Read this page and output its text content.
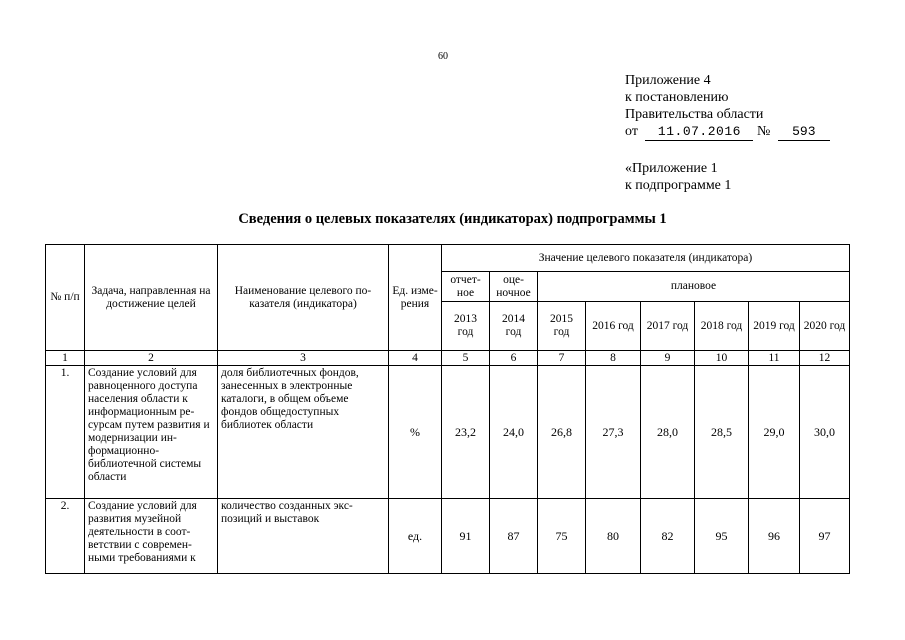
60
Приложение 4
к постановлению
Правительства области
от 11.07.2016 № 593
«Приложение 1
к подпрограмме 1
Сведения о целевых показателях (индикаторах) подпрограммы 1
№ п/п	Задача, направленная на достижение целей	Наименование целевого по-казателя (индикатора)	Ед. изме-рения	Значение целевого показателя (индикатора)							
				отчет-ное	оце-ночное	плановое					
				2013 год	2014 год	2015 год	2016 год	2017 год	2018 год	2019 год	2020 год
1	2	3	4	5	6	7	8	9	10	11	12
1.	Создание условий для равноценного доступа населения области к информационным ре-сурсам путем развития и модернизации ин-формационно-библиотечной системы области	доля библиотечных фондов, занесенных в электронные каталоги, в общем объеме фондов общедоступных библиотек области	%	23,2	24,0	26,8	27,3	28,0	28,5	29,0	30,0
2.	Создание условий для развития музейной деятельности в соот-ветствии с современ-ными требованиями к	количество созданных экс-позиций и выставок	ед.	91	87	75	80	82	95	96	97
